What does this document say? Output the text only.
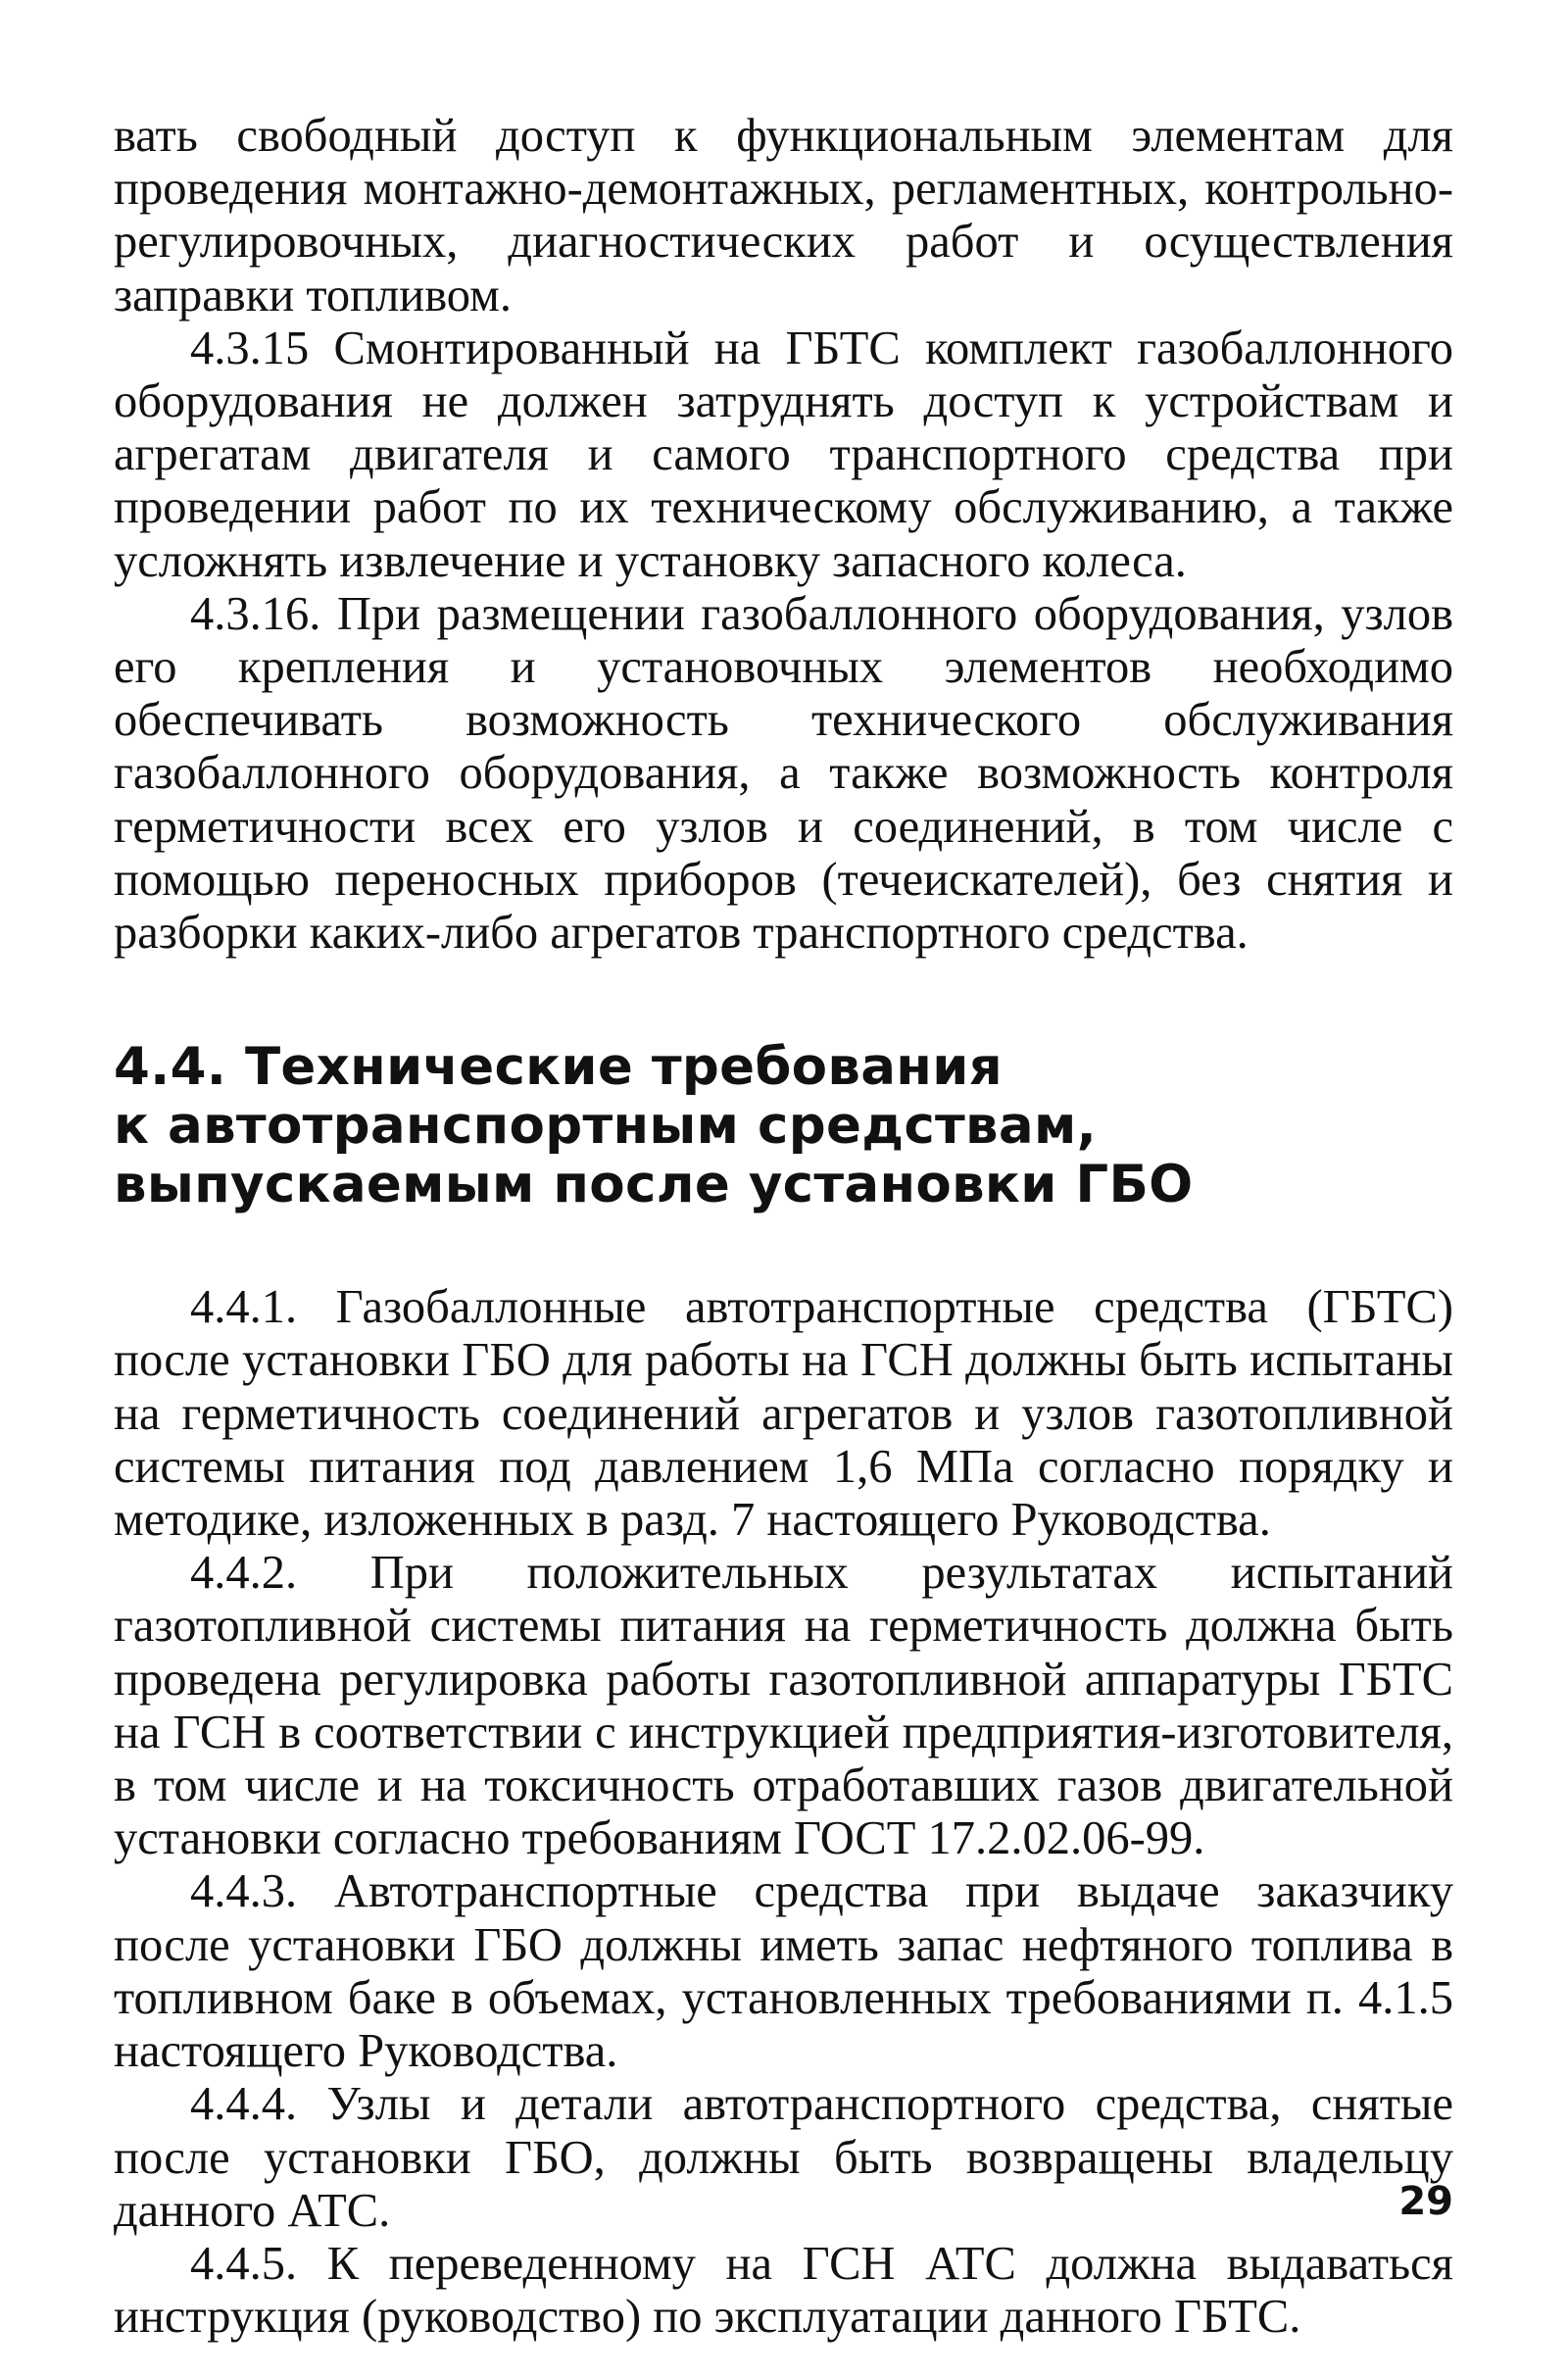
вать свободный доступ к функциональным элементам для проведения монтажно-демонтажных, регламентных, контрольно-регулировочных, диагностических работ и осуществления заправки топливом.

4.3.15 Смонтированный на ГБТС комплект газобаллонного оборудования не должен затруднять доступ к устройствам и агрегатам двигателя и самого транспортного средства при проведении работ по их техническому обслуживанию, а также усложнять извлечение и установку запасного колеса.

4.3.16. При размещении газобаллонного оборудования, узлов его крепления и установочных элементов необходимо обеспечивать возможность технического обслуживания газобаллонного оборудования, а также возможность контроля герметичности всех его узлов и соединений, в том числе с помощью переносных приборов (течеискателей), без снятия и разборки каких-либо агрегатов транспортного средства.

4.4. Технические требования
к автотранспортным средствам,
выпускаемым после установки ГБО

4.4.1. Газобаллонные автотранспортные средства (ГБТС) после установки ГБО для работы на ГСН должны быть испытаны на герметичность соединений агрегатов и узлов газотопливной системы питания под давлением 1,6 МПа согласно порядку и методике, изложенных в разд. 7 настоящего Руководства.

4.4.2. При положительных результатах испытаний газотопливной системы питания на герметичность должна быть проведена регулировка работы газотопливной аппаратуры ГБТС на ГСН в соответствии с инструкцией предприятия-изготовителя, в том числе и на токсичность отработавших газов двигательной установки согласно требованиям ГОСТ 17.2.02.06-99.

4.4.3. Автотранспортные средства при выдаче заказчику после установки ГБО должны иметь запас нефтяного топлива в топливном баке в объемах, установленных требованиями п. 4.1.5 настоящего Руководства.

4.4.4. Узлы и детали автотранспортного средства, снятые после установки ГБО, должны быть возвращены владельцу данного АТС.

4.4.5. К переведенному на ГСН АТС должна выдаваться инструкция (руководство) по эксплуатации данного ГБТС.

29
